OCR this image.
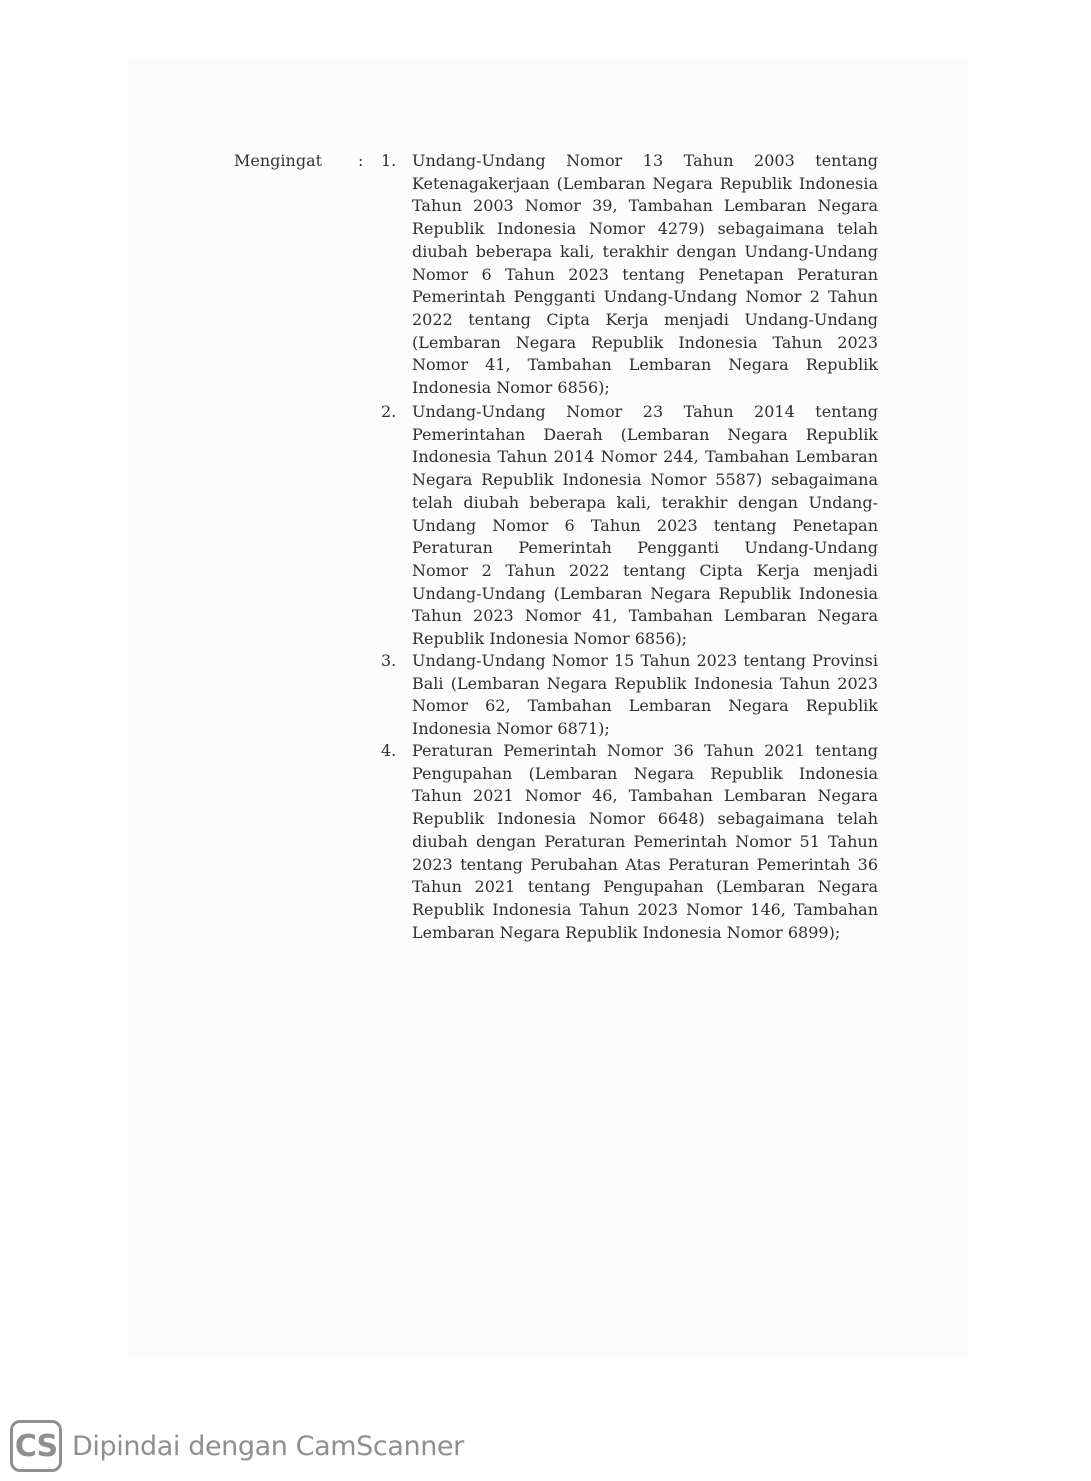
Mengingat : 1. Undang-Undang Nomor 13 Tahun 2003 tentang Ketenagakerjaan (Lembaran Negara Republik Indonesia Tahun 2003 Nomor 39, Tambahan Lembaran Negara Republik Indonesia Nomor 4279) sebagaimana telah diubah beberapa kali, terakhir dengan Undang-Undang Nomor 6 Tahun 2023 tentang Penetapan Peraturan Pemerintah Pengganti Undang-Undang Nomor 2 Tahun 2022 tentang Cipta Kerja menjadi Undang-Undang (Lembaran Negara Republik Indonesia Tahun 2023 Nomor 41, Tambahan Lembaran Negara Republik Indonesia Nomor 6856);
2. Undang-Undang Nomor 23 Tahun 2014 tentang Pemerintahan Daerah (Lembaran Negara Republik Indonesia Tahun 2014 Nomor 244, Tambahan Lembaran Negara Republik Indonesia Nomor 5587) sebagaimana telah diubah beberapa kali, terakhir dengan Undang-Undang Nomor 6 Tahun 2023 tentang Penetapan Peraturan Pemerintah Pengganti Undang-Undang Nomor 2 Tahun 2022 tentang Cipta Kerja menjadi Undang-Undang (Lembaran Negara Republik Indonesia Tahun 2023 Nomor 41, Tambahan Lembaran Negara Republik Indonesia Nomor 6856);
3. Undang-Undang Nomor 15 Tahun 2023 tentang Provinsi Bali (Lembaran Negara Republik Indonesia Tahun 2023 Nomor 62, Tambahan Lembaran Negara Republik Indonesia Nomor 6871);
4. Peraturan Pemerintah Nomor 36 Tahun 2021 tentang Pengupahan (Lembaran Negara Republik Indonesia Tahun 2021 Nomor 46, Tambahan Lembaran Negara Republik Indonesia Nomor 6648) sebagaimana telah diubah dengan Peraturan Pemerintah Nomor 51 Tahun 2023 tentang Perubahan Atas Peraturan Pemerintah 36 Tahun 2021 tentang Pengupahan (Lembaran Negara Republik Indonesia Tahun 2023 Nomor 146, Tambahan Lembaran Negara Republik Indonesia Nomor 6899);
CS Dipindai dengan CamScanner
